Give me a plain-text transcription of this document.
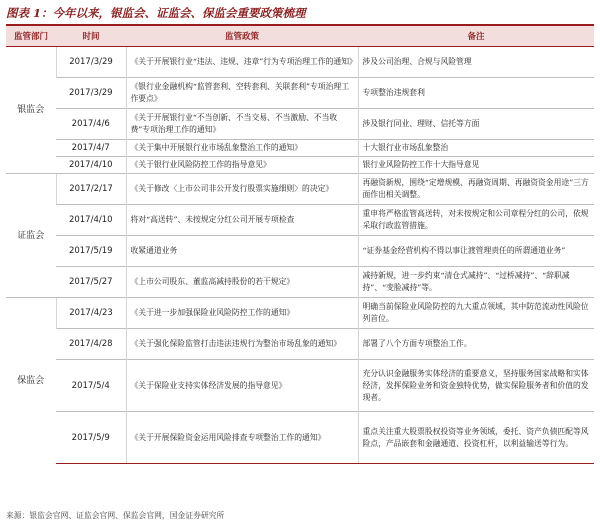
图表 1：今年以来，银监会、证监会、保监会重要政策梳理
监管部门	时间	监管政策	备注
银监会	2017/3/29	《关于开展银行业“违法、违规、违章”行为专项治理工作的通知》	涉及公司治理、合规与风险管理
	2017/3/29	《银行业金融机构“监管套利、空转套利、关联套利”专项治理工作要点》	专项整治违规套利
	2017/4/6	《关于开展银行业“不当创新、不当交易、不当激励、不当收费”专项治理工作的通知》	涉及银行同业、理财、信托等方面
	2017/4/7	《关于集中开展银行业市场乱象整治工作的通知》	十大银行业市场乱象整治
	2017/4/10	《关于银行业风险防控工作的指导意见》	银行业风险防控工作十大指导意见
证监会	2017/2/17	《关于修改〈上市公司非公开发行股票实施细则〉的决定》	再融资新规，围绕“定增规模、再融资周期、再融资资金用途”三方面作出相关调整。
	2017/4/10	将对“高送转”、未按规定分红公司开展专项检查	重申将严格监管高送转，对未按规定和公司章程分红的公司，依规采取行政监管措施。
	2017/5/19	收紧通道业务	“证券基金经营机构不得以事让渡管理责任的所谓通道业务”
	2017/5/27	《上市公司股东、董监高减持股份的若干规定》	减持新规，进一步约束“清仓式减持”、“过桥减持”、“辞职减持”、“变脸减持”等。
保监会	2017/4/23	《关于进一步加强保险业风险防控工作的通知》	明确当前保险业风险防控的九大重点领域，其中防范流动性风险位列首位。
	2017/4/28	《关于强化保险监管打击违法违规行为整治市场乱象的通知》	部署了八个方面专项整治工作。
	2017/5/4	《关于保险业支持实体经济发展的指导意见》	充分认识金融服务实体经济的重要意义，坚持服务国家战略和实体经济，发挥保险业务和资金独特优势，做实保险服务者和价值的发现者。
	2017/5/9	《关于开展保险资金运用风险排查专项整治工作的通知》	重点关注重大股票股权投资等业务领域，委托、资产负债匹配等风险点，产品嵌套和金融通道、投资杠杆，以利益输送等行为。
来源：银监会官网、证监会官网、保监会官网，国金证券研究所
